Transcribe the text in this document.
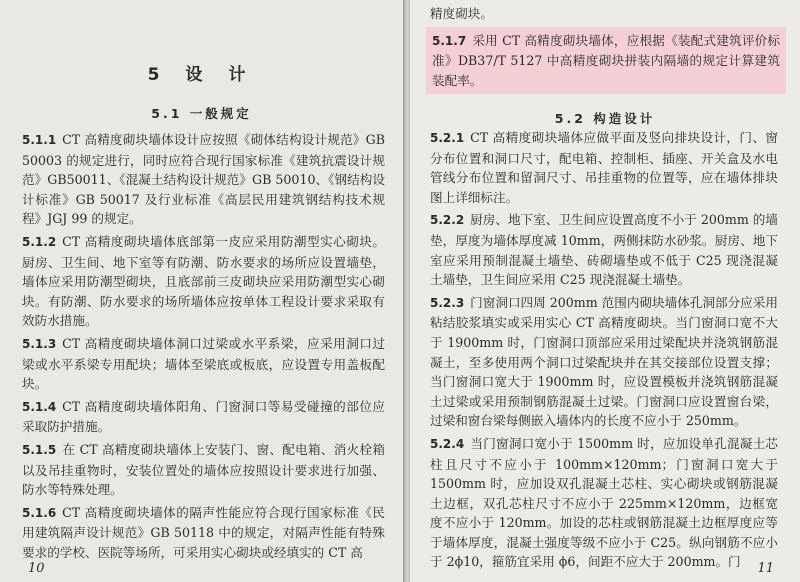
5 设 计
5.1 一般规定

5.1.1 CT 高精度砌块墙体设计应按照《砌体结构设计规范》GB 50003 的规定进行，同时应符合现行国家标准《建筑抗震设计规范》GB50011、《混凝土结构设计规范》GB 50010、《钢结构设计标准》GB 50017 及行业标准《高层民用建筑钢结构技术规程》JGJ 99 的规定。

5.1.2 CT 高精度砌块墙体底部第一皮应采用防潮型实心砌块。厨房、卫生间、地下室等有防潮、防水要求的场所应设置墙垫，墙体应采用防潮型砌块，且底部前三皮砌块应采用防潮型实心砌块。有防潮、防水要求的场所墙体应按单体工程设计要求采取有效防水措施。

5.1.3 CT 高精度砌块墙体洞口过梁或水平系梁，应采用洞口过梁或水平系梁专用配块；墙体至梁底或板底，应设置专用盖板配块。

5.1.4 CT 高精度砌块墙体阳角、门窗洞口等易受碰撞的部位应采取防护措施。

5.1.5 在 CT 高精度砌块墙体上安装门、窗、配电箱、消火栓箱以及吊挂重物时，安装位置处的墙体应按照设计要求进行加强、防水等特殊处理。

5.1.6 CT 高精度砌块墙体的隔声性能应符合现行国家标准《民用建筑隔声设计规范》GB 50118 中的规定，对隔声性能有特殊要求的学校、医院等场所，可采用实心砌块或经填实的 CT 高

10

精度砌块。

5.1.7 采用 CT 高精度砌块墙体，应根据《装配式建筑评价标准》DB37/T 5127 中高精度砌块拼装内隔墙的规定计算建筑装配率。

5.2 构造设计

5.2.1 CT 高精度砌块墙体应做平面及竖向排块设计，门、窗分布位置和洞口尺寸，配电箱、控制柜、插座、开关盒及水电管线分布位置和留洞尺寸、吊挂重物的位置等，应在墙体排块图上详细标注。

5.2.2 厨房、地下室、卫生间应设置高度不小于 200mm 的墙垫，厚度为墙体厚度减 10mm，两侧抹防水砂浆。厨房、地下室应采用预制混凝土墙垫、砖砌墙垫或不低于 C25 现浇混凝土墙垫，卫生间应采用 C25 现浇混凝土墙垫。

5.2.3 门窗洞口四周 200mm 范围内砌块墙体孔洞部分应采用粘结胶浆填实或采用实心 CT 高精度砌块。当门窗洞口宽不大于 1900mm 时，门窗洞口顶部应采用过梁配块并浇筑钢筋混凝土，至多使用两个洞口过梁配块并在其交接部位设置支撑；当门窗洞口宽大于 1900mm 时，应设置模板并浇筑钢筋混凝土过梁或采用预制钢筋混凝土过梁。门窗洞口应设置窗台梁，过梁和窗台梁每侧嵌入墙体内的长度不应小于 250mm。

5.2.4 当门窗洞口宽小于 1500mm 时，应加设单孔混凝土芯柱且尺寸不应小于 100mm×120mm；门窗洞口宽大于 1500mm 时，应加设双孔混凝土芯柱、实心砌块或钢筋混凝土边框，双孔芯柱尺寸不应小于 225mm×120mm，边框宽度不应小于 120mm。加设的芯柱或钢筋混凝土边框厚度应等于墙体厚度，混凝土强度等级不应小于 C25。纵向钢筋不应小于 2ϕ10，箍筋宜采用 ϕ6，间距不应大于 200mm。门	11
